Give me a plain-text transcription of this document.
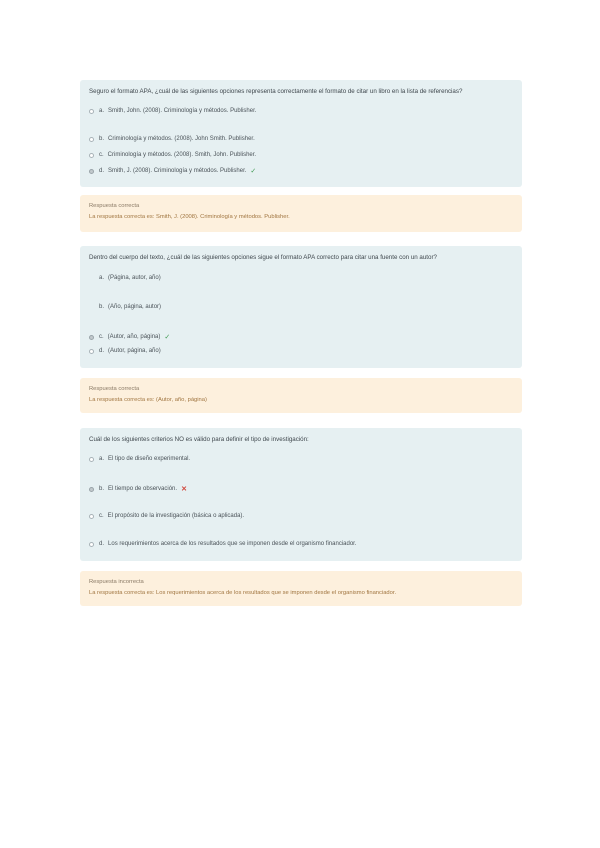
Seguro el formato APA, ¿cuál de las siguientes opciones representa correctamente el formato de citar un libro en la lista de referencias?

a. Smith, John. (2008). Criminología y métodos. Publisher.
b. Criminología y métodos. (2008). John Smith. Publisher.
c. Criminología y métodos. (2008). Smith, John. Publisher.
d. Smith, J. (2008). Criminología y métodos. Publisher. ✓
Respuesta correcta
La respuesta correcta es: Smith, J. (2008). Criminología y métodos. Publisher.

Dentro del cuerpo del texto, ¿cuál de las siguientes opciones sigue el formato APA correcto para citar una fuente con un autor?

a. (Página, autor, año)
b. (Año, página, autor)
c. (Autor, año, página) ✓
d. (Autor, página, año)
Respuesta correcta
La respuesta correcta es: (Autor, año, página)

Cuál de los siguientes criterios NO es válido para definir el tipo de investigación:

a. El tipo de diseño experimental.
b. El tiempo de observación. ✕
c. El propósito de la investigación (básica o aplicada).
d. Los requerimientos acerca de los resultados que se imponen desde el organismo financiador.
Respuesta incorrecta
La respuesta correcta es: Los requerimientos acerca de los resultados que se imponen desde el organismo financiador.
